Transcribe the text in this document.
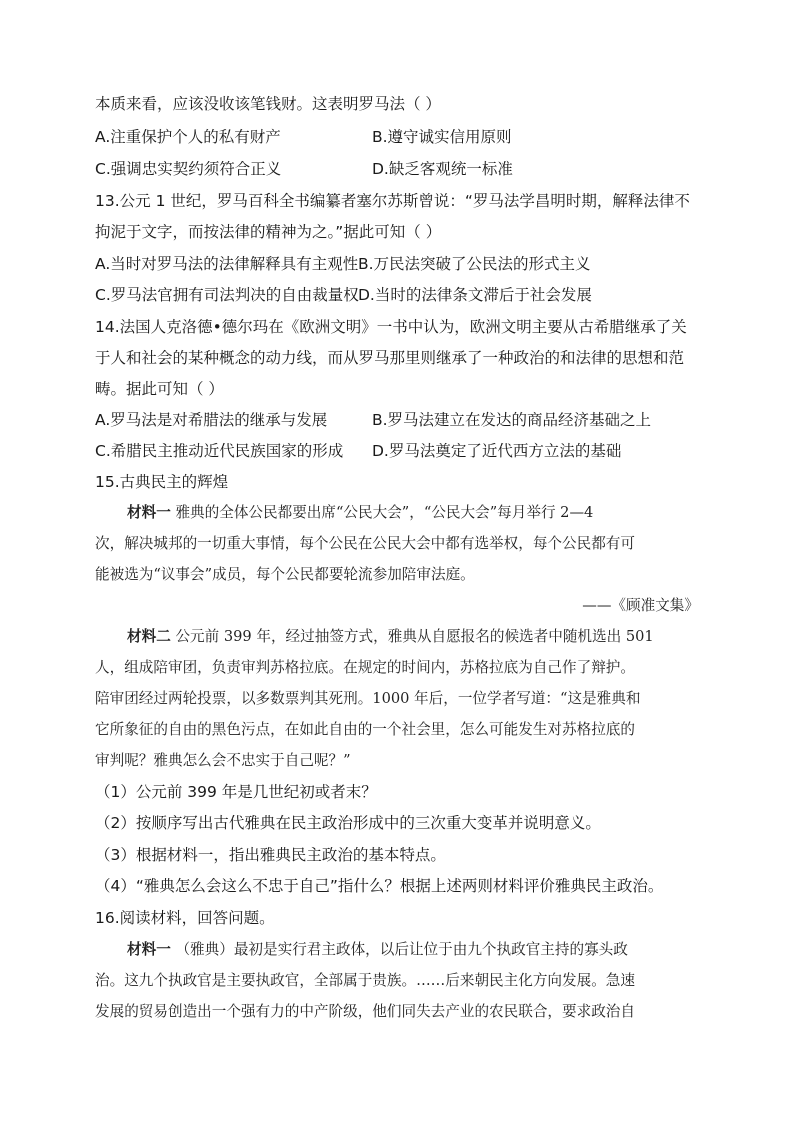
本质来看，应该没收该笔钱财。这表明罗马法（ ）
A.注重保护个人的私有财产	B.遵守诚实信用原则
C.强调忠实契约须符合正义	D.缺乏客观统一标准
13.公元 1 世纪，罗马百科全书编纂者塞尔苏斯曾说：“罗马法学昌明时期，解释法律不
拘泥于文字，而按法律的精神为之。”据此可知（ ）
A.当时对罗马法的法律解释具有主观性 B.万民法突破了公民法的形式主义
C.罗马法官拥有司法判决的自由裁量权 D.当时的法律条文滞后于社会发展
14.法国人克洛德•德尔玛在《欧洲文明》一书中认为，欧洲文明主要从古希腊继承了关
于人和社会的某种概念的动力线，而从罗马那里则继承了一种政治的和法律的思想和范
畴。据此可知（ ）
A.罗马法是对希腊法的继承与发展	B.罗马法建立在发达的商品经济基础之上
C.希腊民主推动近代民族国家的形成 D.罗马法奠定了近代西方立法的基础
15.古典民主的辉煌
材料一 雅典的全体公民都要出席“公民大会”，“公民大会”每月举行 2—4
次，解决城邦的一切重大事情，每个公民在公民大会中都有选举权，每个公民都有可
能被选为“议事会”成员，每个公民都要轮流参加陪审法庭。
——《顾准文集》
材料二 公元前 399 年，经过抽签方式，雅典从自愿报名的候选者中随机选出 501
人，组成陪审团，负责审判苏格拉底。在规定的时间内，苏格拉底为自己作了辩护。
陪审团经过两轮投票，以多数票判其死刑。1000 年后，一位学者写道：“这是雅典和
它所象征的自由的黑色污点，在如此自由的一个社会里，怎么可能发生对苏格拉底的
审判呢？雅典怎么会不忠实于自己呢？”
（1）公元前 399 年是几世纪初或者末？
（2）按顺序写出古代雅典在民主政治形成中的三次重大变革并说明意义。
（3）根据材料一，指出雅典民主政治的基本特点。
（4）“雅典怎么会这么不忠于自己”指什么？根据上述两则材料评价雅典民主政治。
16.阅读材料，回答问题。
材料一 （雅典）最初是实行君主政体，以后让位于由九个执政官主持的寡头政
治。这九个执政官是主要执政官，全部属于贵族。……后来朝民主化方向发展。急速
发展的贸易创造出一个强有力的中产阶级，他们同失去产业的农民联合，要求政治自
